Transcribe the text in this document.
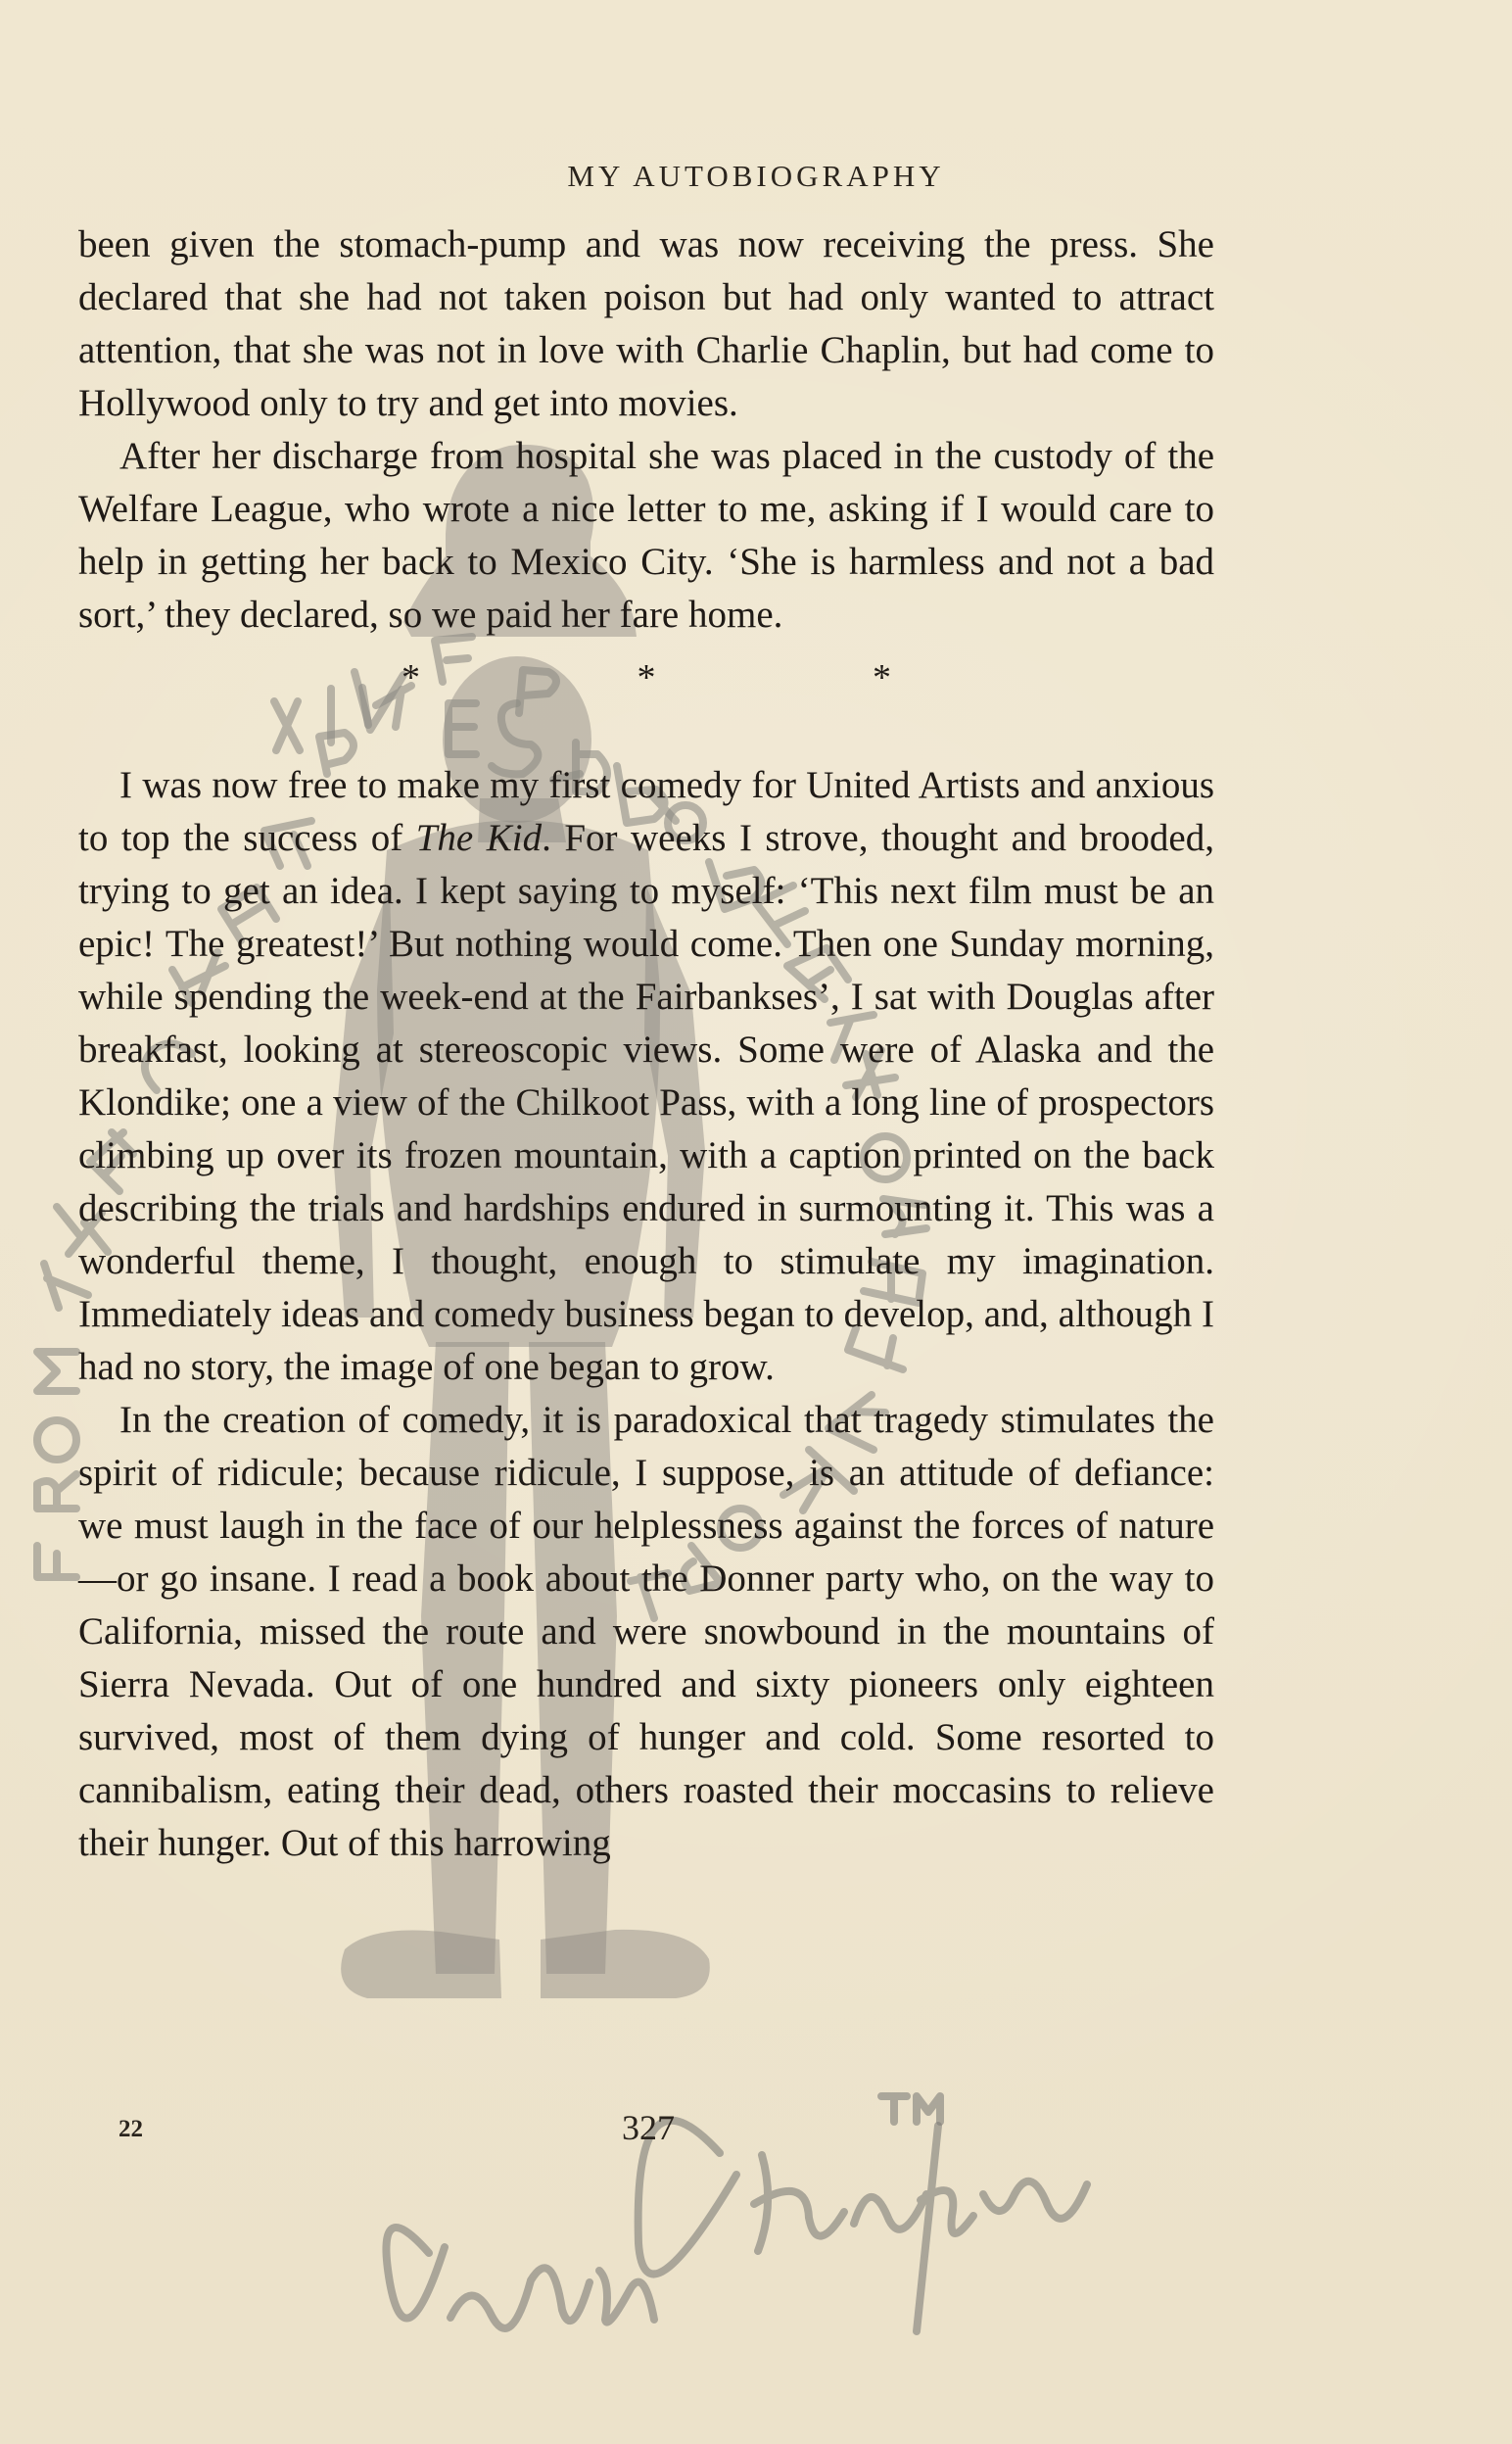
MY AUTOBIOGRAPHY

been given the stomach-pump and was now receiving the press. She declared that she had not taken poison but had only wanted to attract attention, that she was not in love with Charlie Chaplin, but had come to Hollywood only to try and get into movies.

After her discharge from hospital she was placed in the custody of the Welfare League, who wrote a nice letter to me, asking if I would care to help in getting her back to Mexico City. ‘She is harmless and not a bad sort,’ they declared, so we paid her fare home.

*	*	*

I was now free to make my first comedy for United Artists and anxious to top the success of The Kid. For weeks I strove, thought and brooded, trying to get an idea. I kept saying to myself: ‘This next film must be an epic! The greatest!’ But nothing would come. Then one Sunday morning, while spending the week-end at the Fairbankses’, I sat with Douglas after breakfast, looking at stereoscopic views. Some were of Alaska and the Klondike; one a view of the Chilkoot Pass, with a long line of prospectors climbing up over its frozen mountain, with a caption printed on the back describing the trials and hardships endured in surmounting it. This was a wonderful theme, I thought, enough to stimulate my imagination. Immediately ideas and comedy business began to develop, and, although I had no story, the image of one began to grow.

In the creation of comedy, it is paradoxical that tragedy stimulates the spirit of ridicule; because ridicule, I suppose, is an attitude of defiance: we must laugh in the face of our helplessness against the forces of nature—or go insane. I read a book about the Donner party who, on the way to California, missed the route and were snowbound in the mountains of Sierra Nevada. Out of one hundred and sixty pioneers only eighteen survived, most of them dying of hunger and cold. Some resorted to cannibalism, eating their dead, others roasted their moccasins to relieve their hunger. Out of this harrowing

22	327
